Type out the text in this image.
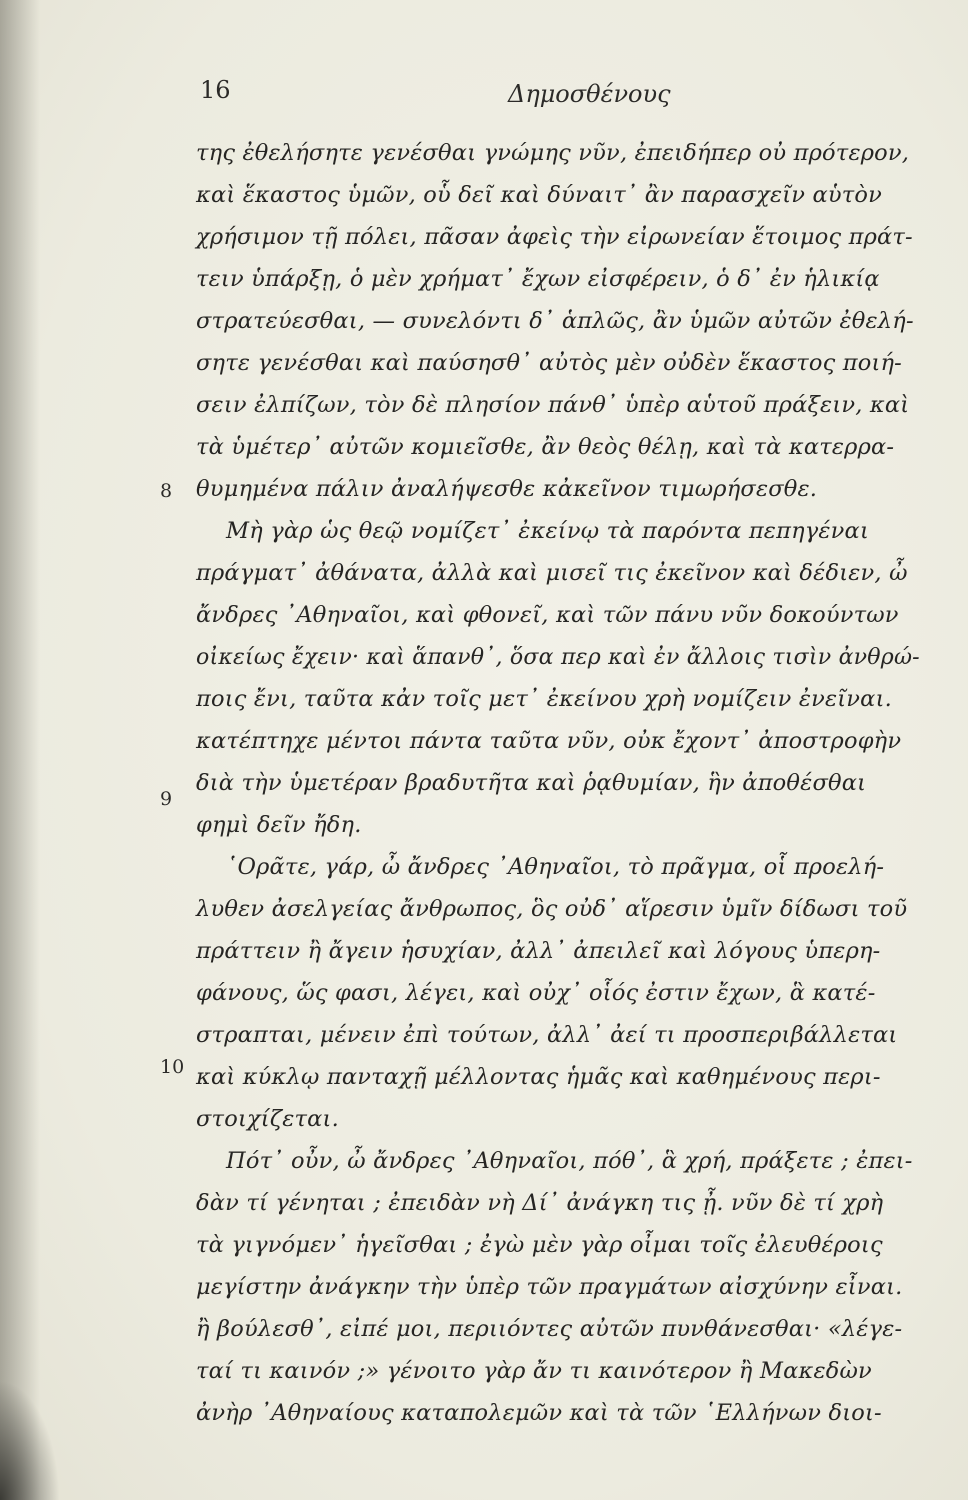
16	Δημοσθένους
8
9
10
της ἐθελήσητε γενέσθαι γνώμης νῦν, ἐπειδήπερ οὐ πρότερον,
καὶ ἕκαστος ὑμῶν, οὗ δεῖ καὶ δύναιτ᾽ ἂν παρασχεῖν αὑτὸν
χρήσιμον τῇ πόλει, πᾶσαν ἀφεὶς τὴν εἰρωνείαν ἕτοιμος πράτ-
τειν ὑπάρξῃ, ὁ μὲν χρήματ᾽ ἔχων εἰσφέρειν, ὁ δ᾽ ἐν ἡλικίᾳ
στρατεύεσθαι, — συνελόντι δ᾽ ἁπλῶς, ἂν ὑμῶν αὐτῶν ἐθελή-
σητε γενέσθαι καὶ παύσησθ᾽ αὐτὸς μὲν οὐδὲν ἕκαστος ποιή-
σειν ἐλπίζων, τὸν δὲ πλησίον πάνθ᾽ ὑπὲρ αὑτοῦ πράξειν, καὶ
τὰ ὑμέτερ᾽ αὐτῶν κομιεῖσθε, ἂν θεὸς θέλῃ, καὶ τὰ κατερρα-
θυμημένα πάλιν ἀναλήψεσθε κἀκεῖνον τιμωρήσεσθε.
Μὴ γὰρ ὡς θεῷ νομίζετ᾽ ἐκείνῳ τὰ παρόντα πεπηγέναι
πράγματ᾽ ἀθάνατα, ἀλλὰ καὶ μισεῖ τις ἐκεῖνον καὶ δέδιεν, ὦ
ἄνδρες ᾽Αθηναῖοι, καὶ φθονεῖ, καὶ τῶν πάνυ νῦν δοκούντων
οἰκείως ἔχειν· καὶ ἅπανθ᾽, ὅσα περ καὶ ἐν ἄλλοις τισὶν ἀνθρώ-
ποις ἔνι, ταῦτα κἀν τοῖς μετ᾽ ἐκείνου χρὴ νομίζειν ἐνεῖναι.
κατέπτηχε μέντοι πάντα ταῦτα νῦν, οὐκ ἔχοντ᾽ ἀποστροφὴν
διὰ τὴν ὑμετέραν βραδυτῆτα καὶ ῥᾳθυμίαν, ἣν ἀποθέσθαι
φημὶ δεῖν ἤδη.
῾Ορᾶτε, γάρ, ὦ ἄνδρες ᾽Αθηναῖοι, τὸ πρᾶγμα, οἷ προελή-
λυθεν ἀσελγείας ἄνθρωπος, ὃς οὐδ᾽ αἵρεσιν ὑμῖν δίδωσι τοῦ
πράττειν ἢ ἄγειν ἡσυχίαν, ἀλλ᾽ ἀπειλεῖ καὶ λόγους ὑπερη-
φάνους, ὥς φασι, λέγει, καὶ οὐχ᾽ οἷός ἐστιν ἔχων, ἃ κατέ-
στραπται, μένειν ἐπὶ τούτων, ἀλλ᾽ ἀεί τι προσπεριβάλλεται
καὶ κύκλῳ πανταχῇ μέλλοντας ἡμᾶς καὶ καθημένους περι-
στοιχίζεται.
Πότ᾽ οὖν, ὦ ἄνδρες ᾽Αθηναῖοι, πόθ᾽, ἃ χρή, πράξετε ; ἐπει-
δὰν τί γένηται ; ἐπειδὰν νὴ Δί᾽ ἀνάγκη τις ᾖ. νῦν δὲ τί χρὴ
τὰ γιγνόμεν᾽ ἡγεῖσθαι ; ἐγὼ μὲν γὰρ οἶμαι τοῖς ἐλευθέροις
μεγίστην ἀνάγκην τὴν ὑπὲρ τῶν πραγμάτων αἰσχύνην εἶναι.
ἢ βούλεσθ᾽, εἰπέ μοι, περιιόντες αὐτῶν πυνθάνεσθαι· «λέγε-
ταί τι καινόν ;» γένοιτο γὰρ ἄν τι καινότερον ἢ Μακεδὼν
ἀνὴρ ᾽Αθηναίους καταπολεμῶν καὶ τὰ τῶν ῾Ελλήνων διοι-
